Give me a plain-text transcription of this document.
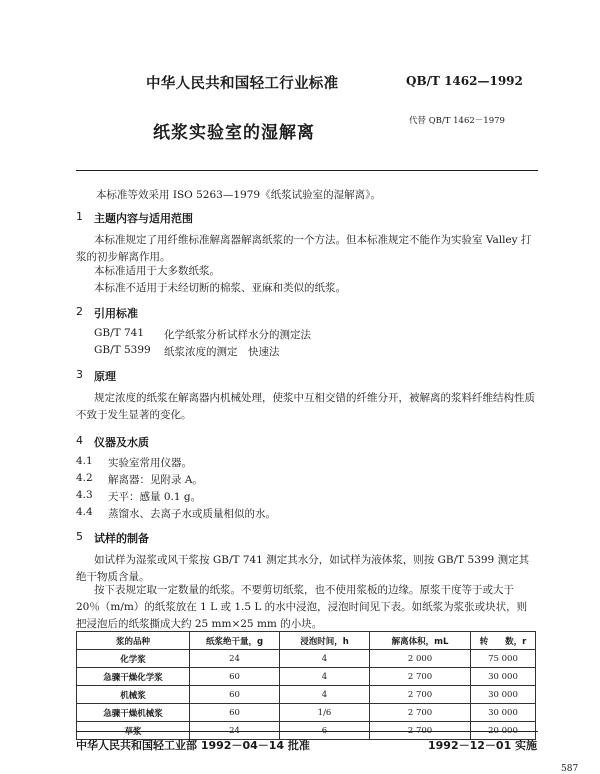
中华人民共和国轻工行业标准	QB/T 1462—1992
纸浆实验室的湿解离
代替 QB/T 1462－1979
本标准等效采用 ISO 5263—1979《纸浆试验室的湿解离》。
1 主题内容与适用范围
本标准规定了用纤维标准解离器解离纸浆的一个方法。但本标准规定不能作为实验室 Valley 打浆的初步解离作用。
本标准适用于大多数纸浆。
本标准不适用于未经切断的棉浆、亚麻和类似的纸浆。
2 引用标准
GB/T 741 化学纸浆分析试样水分的测定法
GB/T 5399 纸浆浓度的测定　快速法
3 原理
规定浓度的纸浆在解离器内机械处理，使浆中互相交错的纤维分开，被解离的浆料纤维结构性质不致于发生显著的变化。
4 仪器及水质
4.1 实验室常用仪器。
4.2 解离器：见附录 A。
4.3 天平：感量 0.1 g。
4.4 蒸馏水、去离子水或质量相似的水。
5 试样的制备
如试样为湿浆或风干浆按 GB/T 741 测定其水分，如试样为液体浆，则按 GB/T 5399 测定其绝干物质含量。
按下表规定取一定数量的纸浆。不要剪切纸浆，也不使用浆板的边缘。原浆干度等于或大于 20％（m/m）的纸浆放在 1 L 或 1.5 L 的水中浸泡，浸泡时间见下表。如纸浆为浆张或块状，则把浸泡后的纸浆撕成大约 25 mm×25 mm 的小块。
浆的品种	纸浆绝干量，g	浸泡时间，h	解离体积，mL	转　　数，r
化学浆	24	4	2 000	75 000
急骤干燥化学浆	60	4	2 700	30 000
机械浆	60	4	2 700	30 000
急骤干燥机械浆	60	1/6	2 700	30 000
草浆	24	6	2 700	20 000
中华人民共和国轻工业部 1992－04－14 批准	1992－12－01 实施
587
